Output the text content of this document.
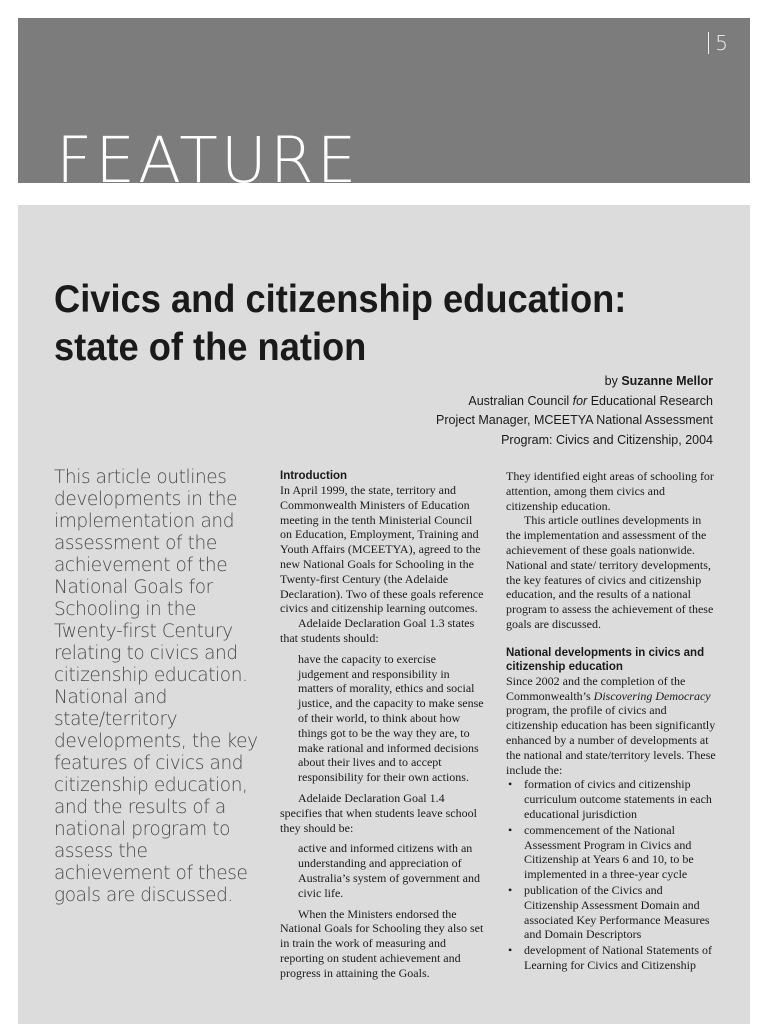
5
FEATURE
Civics and citizenship education:
state of the nation
by Suzanne Mellor
Australian Council for Educational Research
Project Manager, MCEETYA National Assessment
Program: Civics and Citizenship, 2004
This article outlines developments in the implementation and assessment of the achievement of the National Goals for Schooling in the Twenty-first Century relating to civics and citizenship education. National and state/territory developments, the key features of civics and citizenship education, and the results of a national program to assess the achievement of these goals are discussed.
Introduction

In April 1999, the state, territory and Commonwealth Ministers of Education meeting in the tenth Ministerial Council on Education, Employment, Training and Youth Affairs (MCEETYA), agreed to the new National Goals for Schooling in the Twenty-first Century (the Adelaide Declaration). Two of these goals reference civics and citizenship learning outcomes.

Adelaide Declaration Goal 1.3 states that students should:

have the capacity to exercise judgement and responsibility in matters of morality, ethics and social justice, and the capacity to make sense of their world, to think about how things got to be the way they are, to make rational and informed decisions about their lives and to accept responsibility for their own actions.

Adelaide Declaration Goal 1.4 specifies that when students leave school they should be:

active and informed citizens with an understanding and appreciation of Australia’s system of government and civic life.

When the Ministers endorsed the National Goals for Schooling they also set in train the work of measuring and reporting on student achievement and progress in attaining the Goals.

They identified eight areas of schooling for attention, among them civics and citizenship education.

This article outlines developments in the implementation and assessment of the achievement of these goals nationwide. National and state/ territory developments, the key features of civics and citizenship education, and the results of a national program to assess the achievement of these goals are discussed.

National developments in civics and citizenship education

Since 2002 and the completion of the Commonwealth’s Discovering Democracy program, the profile of civics and citizenship education has been significantly enhanced by a number of developments at the national and state/territory levels. These include the:

• formation of civics and citizenship curriculum outcome statements in each educational jurisdiction
• commencement of the National Assessment Program in Civics and Citizenship at Years 6 and 10, to be implemented in a three-year cycle
• publication of the Civics and Citizenship Assessment Domain and associated Key Performance Measures and Domain Descriptors
• development of National Statements of Learning for Civics and Citizenship
